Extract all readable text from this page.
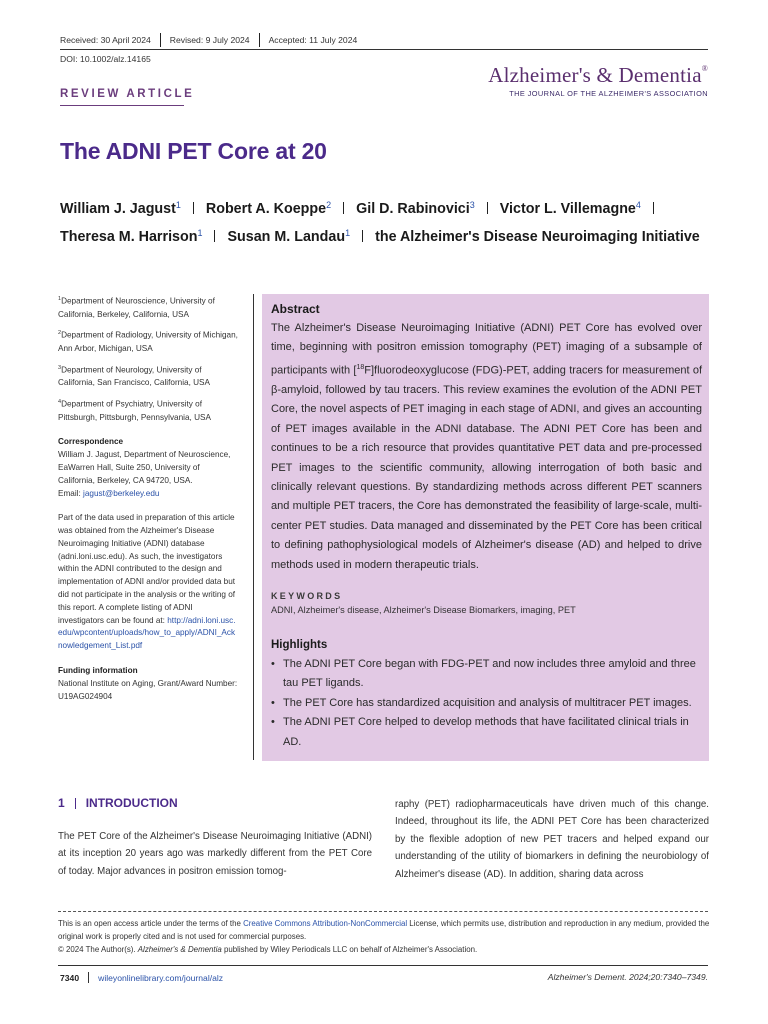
Received: 30 April 2024 Revised: 9 July 2024 Accepted: 11 July 2024
DOI: 10.1002/alz.14165
Alzheimer's & Dementia®
THE JOURNAL OF THE ALZHEIMER'S ASSOCIATION
REVIEW ARTICLE
The ADNI PET Core at 20
William J. Jagust$^1$ Robert A. Koeppe$^2$ Gil D. Rabinovici$^3$ Victor L. Villemagne$^4$
Theresa M. Harrison$^1$ Susan M. Landau$^1$ the Alzheimer's Disease Neuroimaging Initiative
$^1$Department of Neuroscience, University of California, Berkeley, California, USA
$^2$Department of Radiology, University of Michigan, Ann Arbor, Michigan, USA
$^3$Department of Neurology, University of California, San Francisco, California, USA
$^4$Department of Psychiatry, University of Pittsburgh, Pittsburgh, Pennsylvania, USA
Correspondence
William J. Jagust, Department of Neuroscience, EaWarren Hall, Suite 250, University of California, Berkeley, CA 94720, USA.
Email: jagust@berkeley.edu
Part of the data used in preparation of this article was obtained from the Alzheimer's Disease Neuroimaging Initiative (ADNI) database (adni.loni.usc.edu). As such, the investigators within the ADNI contributed to the design and implementation of ADNI and/or provided data but did not participate in the analysis or the writing of this report. A complete listing of ADNI investigators can be found at: http://adni.loni.usc.edu/wpcontent/uploads/how_to_apply/ADNI_Acknowledgement_List.pdf
Funding information
National Institute on Aging, Grant/Award Number: U19AG024904
Abstract
The Alzheimer's Disease Neuroimaging Initiative (ADNI) PET Core has evolved over time, beginning with positron emission tomography (PET) imaging of a subsample of participants with [$^{18}$F]fluorodeoxyglucose (FDG)-PET, adding tracers for measurement of β-amyloid, followed by tau tracers. This review examines the evolution of the ADNI PET Core, the novel aspects of PET imaging in each stage of ADNI, and gives an accounting of PET images available in the ADNI database. The ADNI PET Core has been and continues to be a rich resource that provides quantitative PET data and pre-processed PET images to the scientific community, allowing interrogation of both basic and clinically relevant questions. By standardizing methods across different PET scanners and multiple PET tracers, the Core has demonstrated the feasibility of large-scale, multi-center PET studies. Data managed and disseminated by the PET Core has been critical to defining pathophysiological models of Alzheimer's disease (AD) and helped to drive methods used in modern therapeutic trials.
KEYWORDS
ADNI, Alzheimer's disease, Alzheimer's Disease Biomarkers, imaging, PET
Highlights
• The ADNI PET Core began with FDG-PET and now includes three amyloid and three tau PET ligands.
• The PET Core has standardized acquisition and analysis of multitracer PET images.
• The ADNI PET Core helped to develop methods that have facilitated clinical trials in AD.
1 INTRODUCTION
The PET Core of the Alzheimer's Disease Neuroimaging Initiative (ADNI) at its inception 20 years ago was markedly different from the PET Core of today. Major advances in positron emission tomog-
raphy (PET) radiopharmaceuticals have driven much of this change. Indeed, throughout its life, the ADNI PET Core has been characterized by the flexible adoption of new PET tracers and helped expand our understanding of the utility of biomarkers in defining the neurobiology of Alzheimer's disease (AD). In addition, sharing data across
This is an open access article under the terms of the Creative Commons Attribution-NonCommercial License, which permits use, distribution and reproduction in any medium, provided the original work is properly cited and is not used for commercial purposes.
© 2024 The Author(s). Alzheimer's & Dementia published by Wiley Periodicals LLC on behalf of Alzheimer's Association.
7340 wileyonlinelibrary.com/journal/alz	Alzheimer's Dement. 2024;20:7340–7349.
